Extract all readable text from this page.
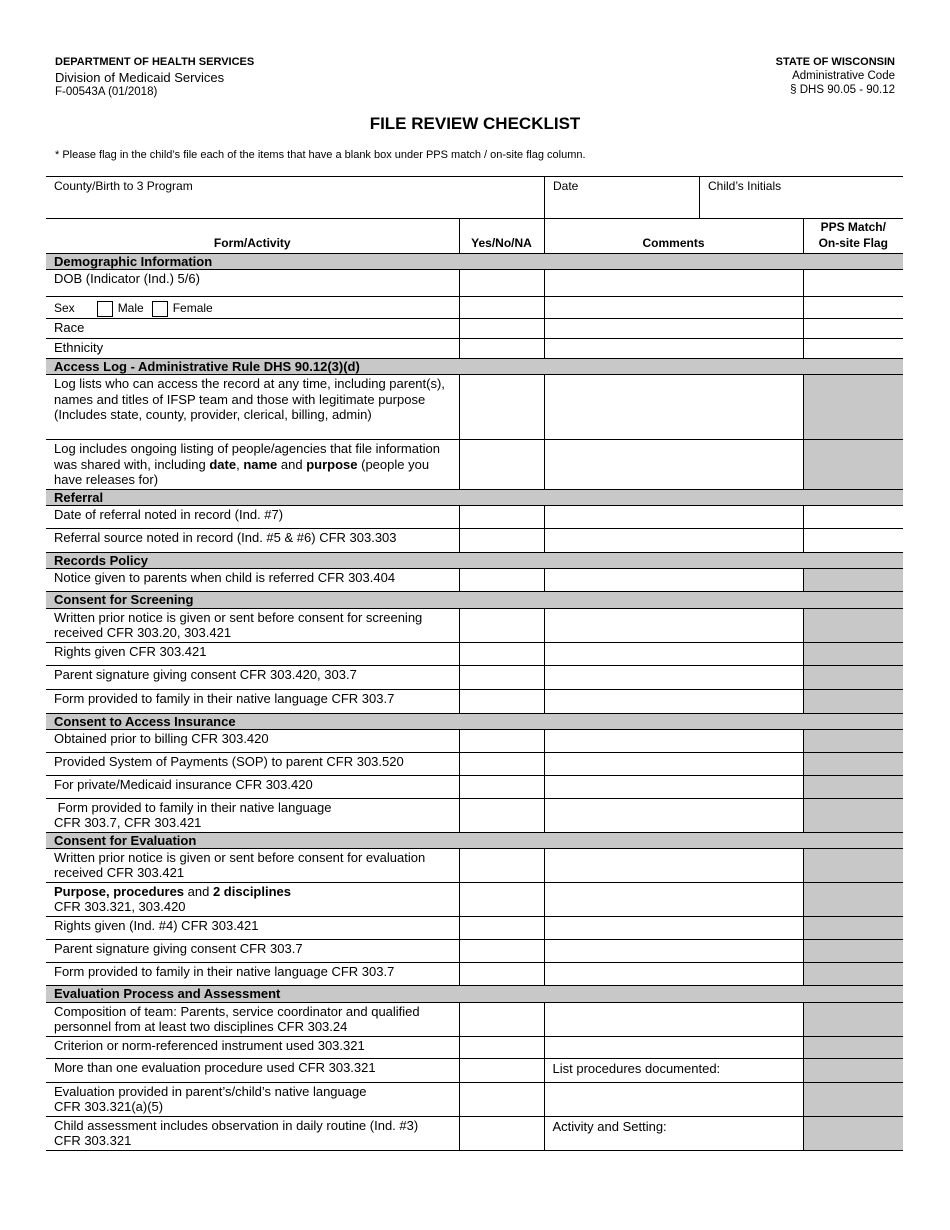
DEPARTMENT OF HEALTH SERVICES
Division of Medicaid Services
F-00543A (01/2018)
STATE OF WISCONSIN
Administrative Code
§ DHS 90.05 - 90.12
FILE REVIEW CHECKLIST
* Please flag in the child’s file each of the items that have a blank box under PPS match / on-site flag column.
County/Birth to 3 Program	Date	Child’s Initials
Form/Activity	Yes/No/NA	Comments	PPS Match/
On-site Flag
Demographic Information			
DOB (Indicator (Ind.) 5/6)			

Sex Male Female			

Race			
Ethnicity			
Access Log - Administrative Rule DHS 90.12(3)(d)			
Log lists who can access the record at any time, including parent(s), names and titles of IFSP team and those with legitimate purpose (Includes state, county, provider, clerical, billing, admin)			
Log includes ongoing listing of people/agencies that file information was shared with, including date, name and purpose (people you have releases for)			
Referral			
Date of referral noted in record (Ind. #7)			
Referral source noted in record (Ind. #5 & #6) CFR 303.303			
Records Policy			
Notice given to parents when child is referred CFR 303.404			
Consent for Screening			
Written prior notice is given or sent before consent for screening received CFR 303.20, 303.421			
Rights given CFR 303.421			
Parent signature giving consent CFR 303.420, 303.7			
Form provided to family in their native language CFR 303.7			
Consent to Access Insurance			
Obtained prior to billing CFR 303.420			
Provided System of Payments (SOP) to parent CFR 303.520			
For private/Medicaid insurance CFR 303.420			
Form provided to family in their native language
CFR 303.7, CFR 303.421			
Consent for Evaluation			
Written prior notice is given or sent before consent for evaluation received CFR 303.421			
Purpose, procedures and 2 disciplines
CFR 303.321, 303.420			
Rights given (Ind. #4) CFR 303.421			
Parent signature giving consent CFR 303.7			
Form provided to family in their native language CFR 303.7			
Evaluation Process and Assessment			
Composition of team: Parents, service coordinator and qualified personnel from at least two disciplines CFR 303.24			
Criterion or norm-referenced instrument used 303.321			
More than one evaluation procedure used CFR 303.321		List procedures documented:	
Evaluation provided in parent’s/child’s native language
CFR 303.321(a)(5)			
Child assessment includes observation in daily routine (Ind. #3)
CFR 303.321		Activity and Setting:	
